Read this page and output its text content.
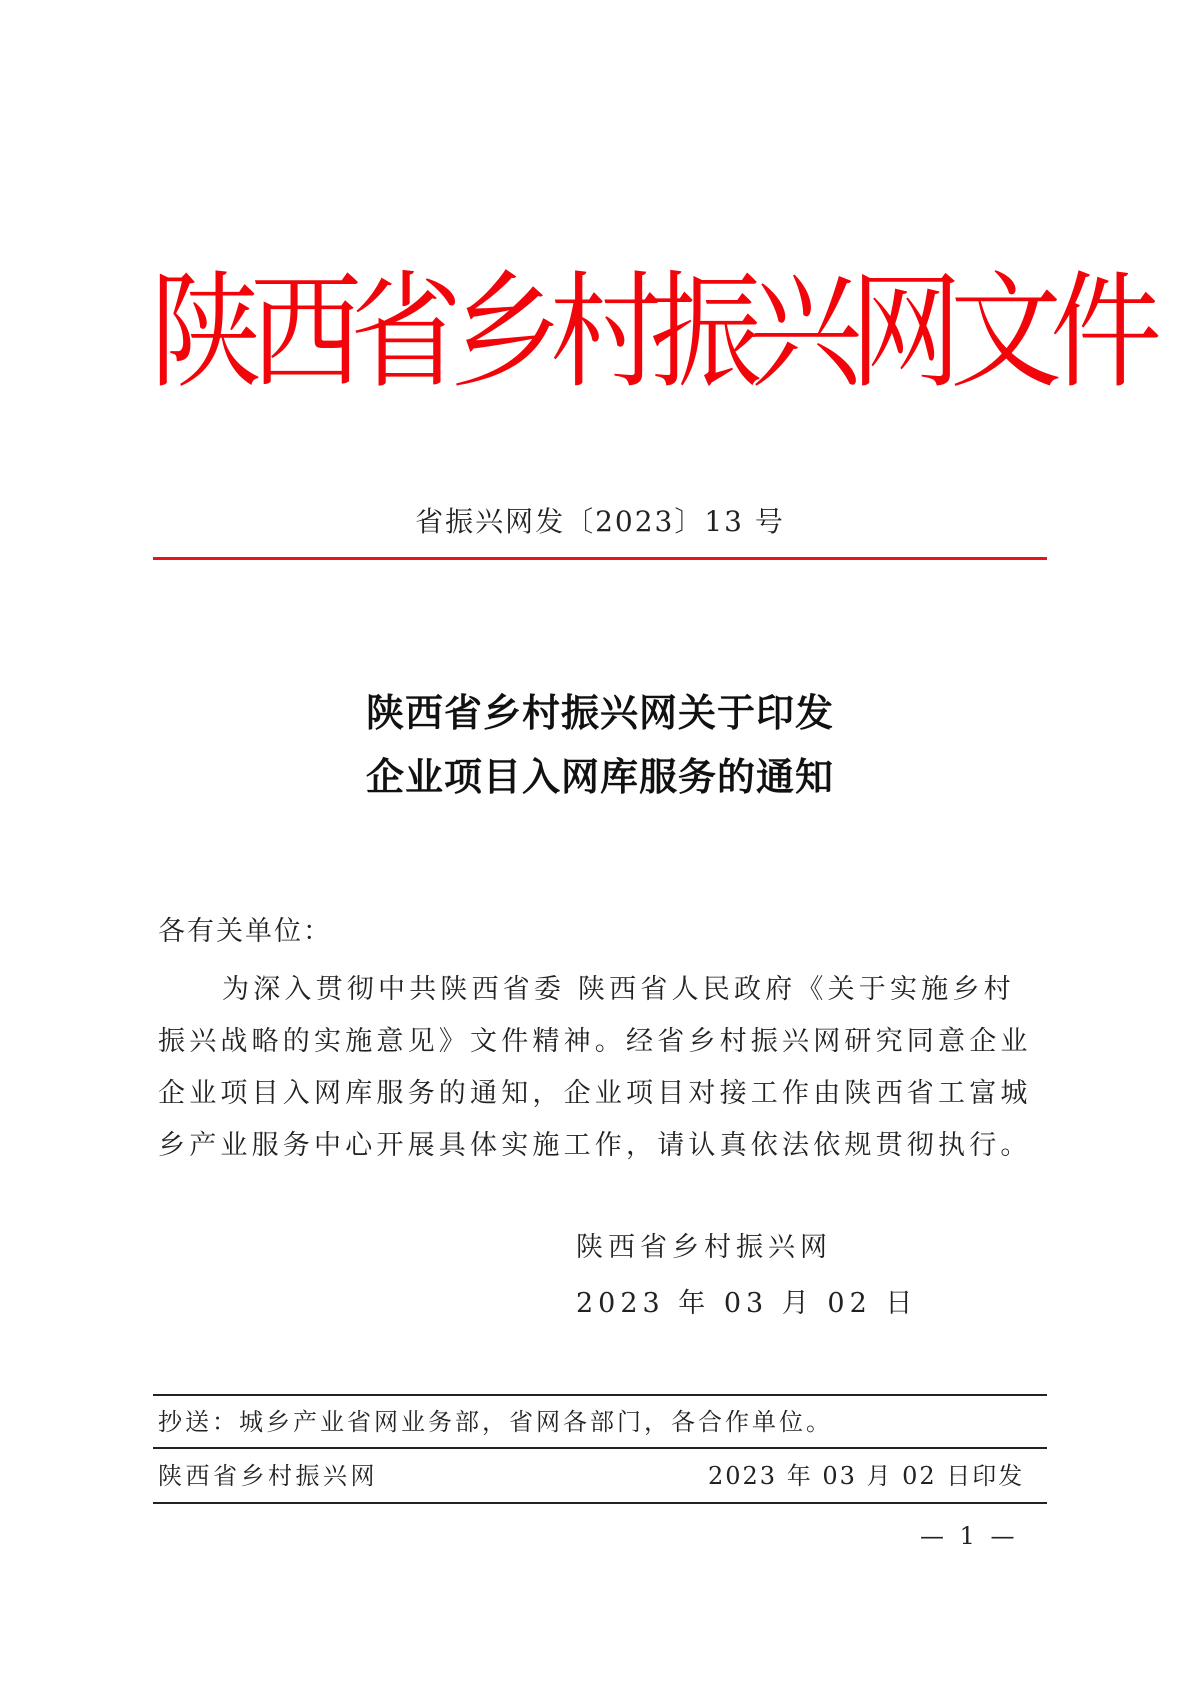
陕西省乡村振兴网文件
省振兴网发〔2023〕13 号
陕西省乡村振兴网关于印发
企业项目入网库服务的通知
各有关单位：
为深入贯彻中共陕西省委 陕西省人民政府《关于实施乡村
振兴战略的实施意见》文件精神。经省乡村振兴网研究同意企业
企业项目入网库服务的通知，企业项目对接工作由陕西省工富城
乡产业服务中心开展具体实施工作，请认真依法依规贯彻执行。
陕西省乡村振兴网
2023 年 03 月 02 日
抄送：城乡产业省网业务部，省网各部门，各合作单位。
陕西省乡村振兴网	2023 年 03 月 02 日印发
— 1 —
